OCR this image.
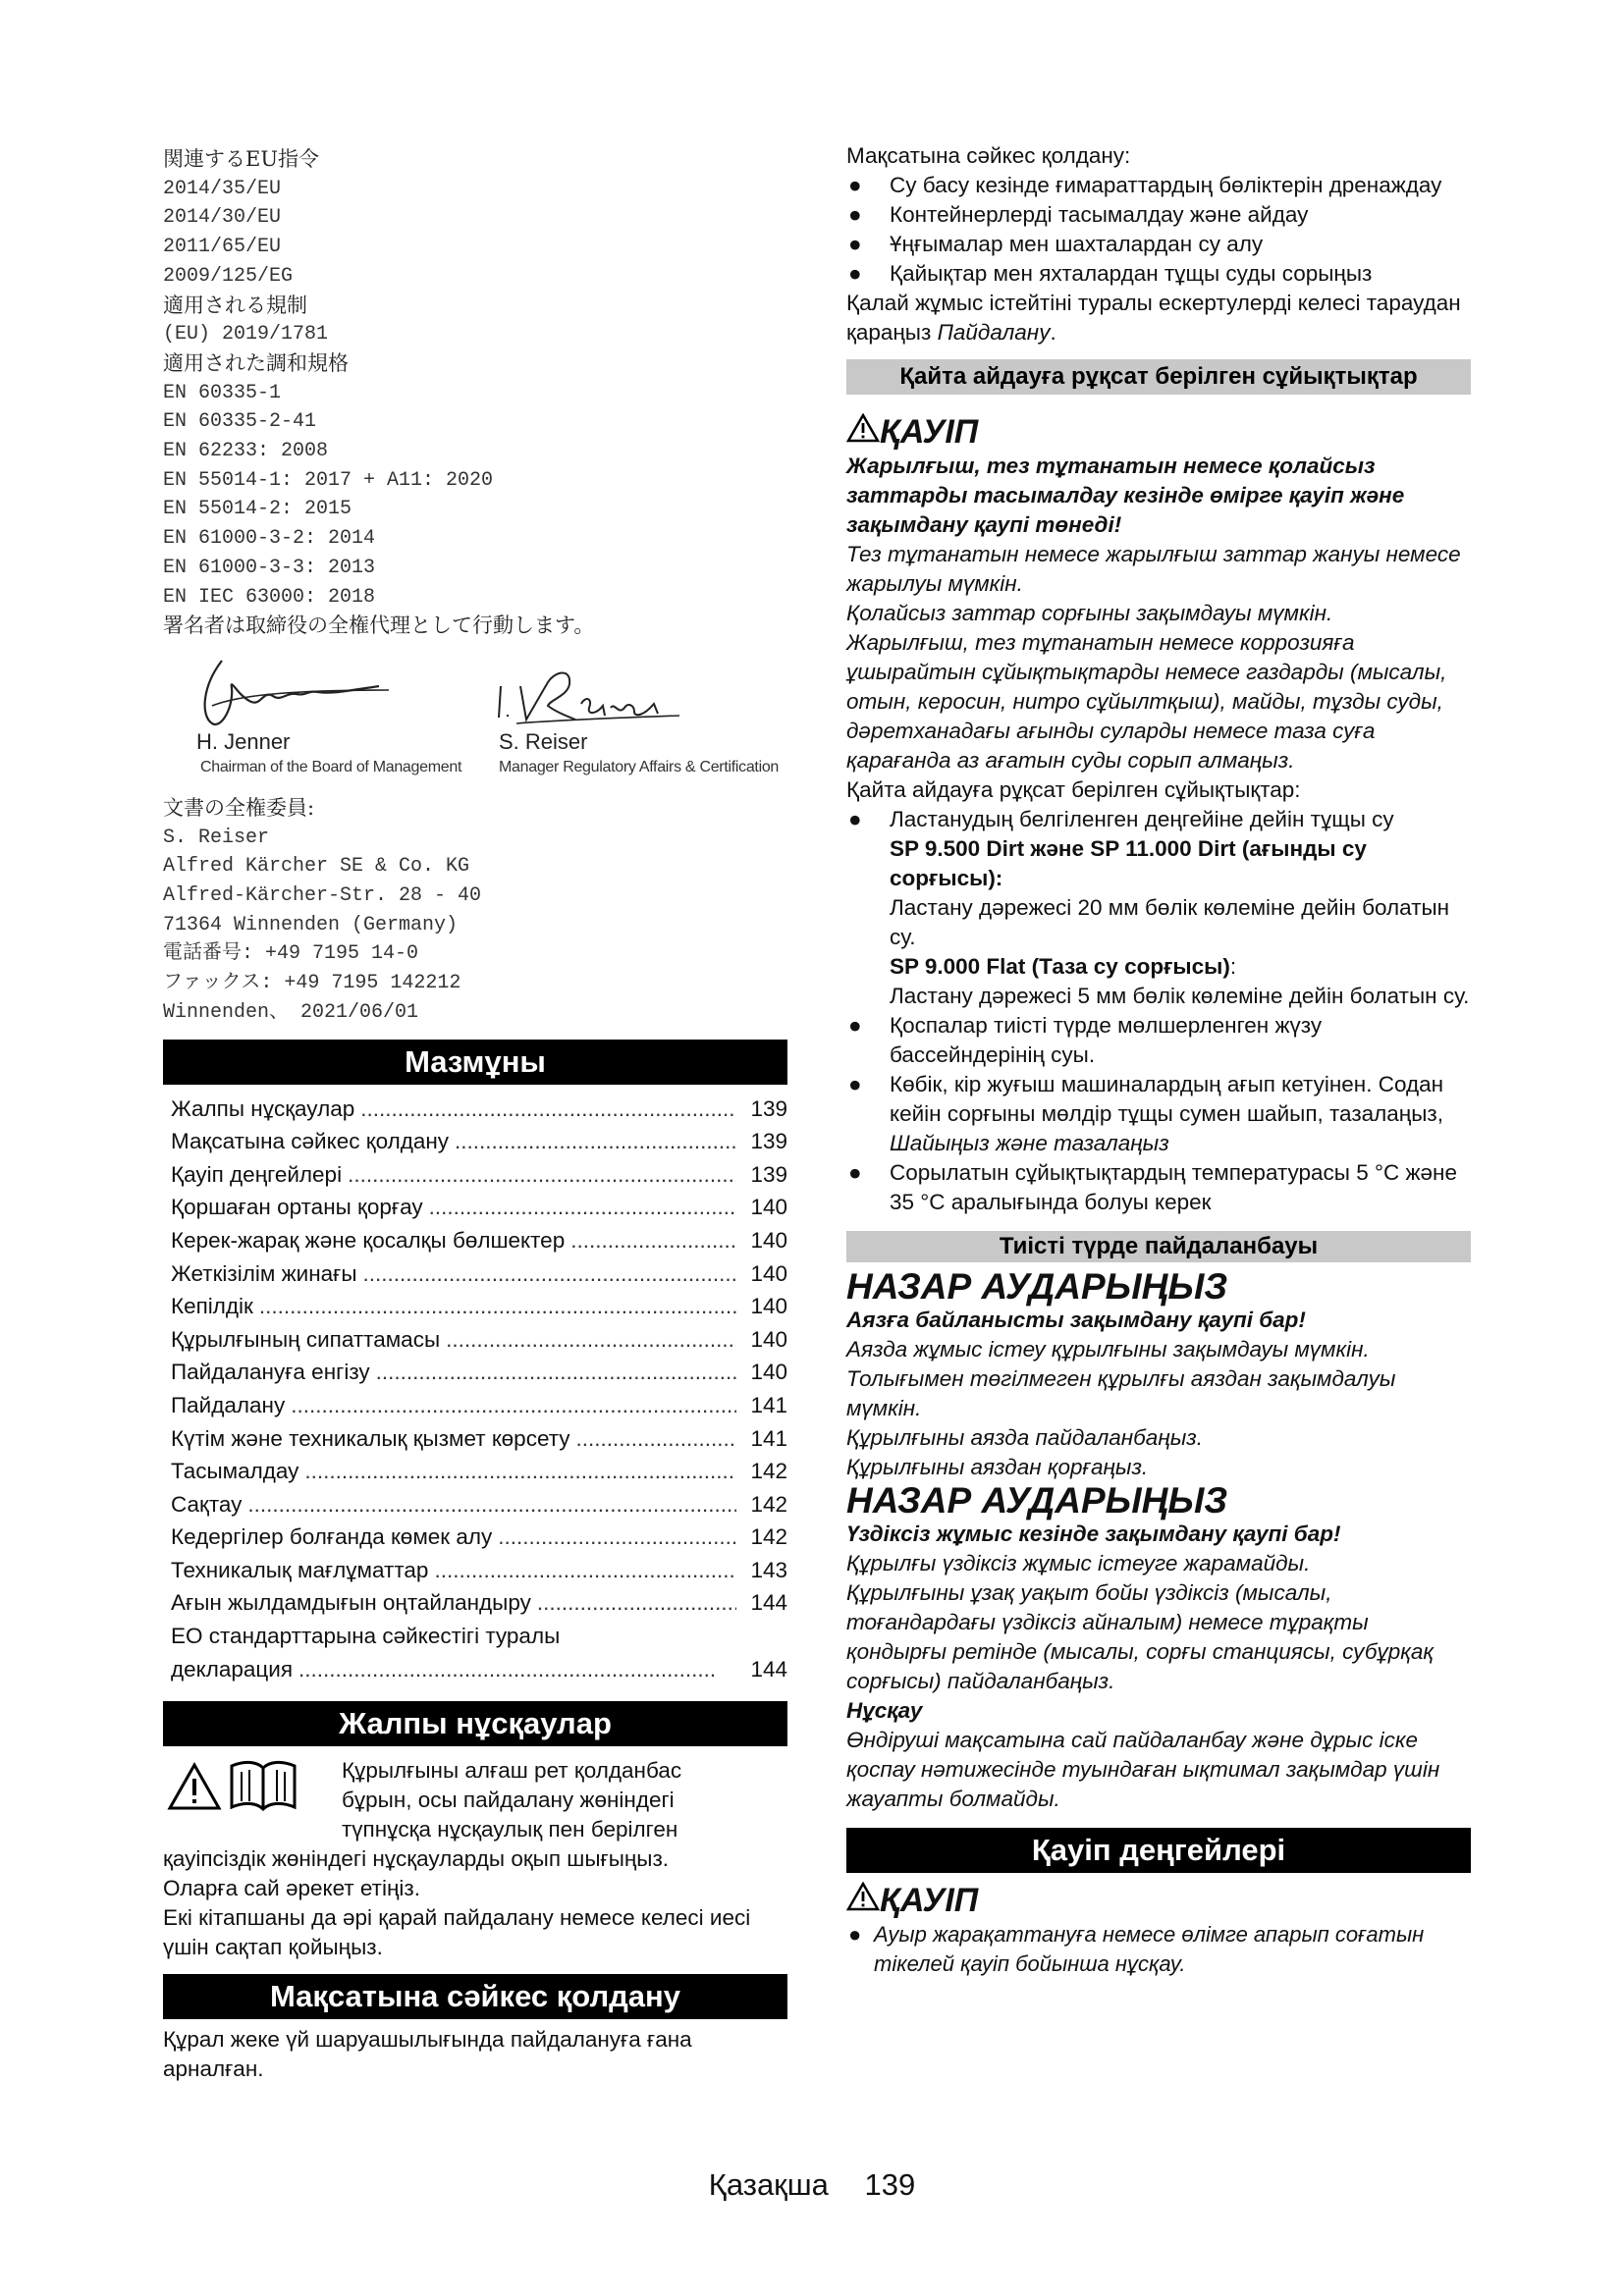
関連するEU指令
2014/35/EU
2014/30/EU
2011/65/EU
2009/125/EG
適用される規制
(EU) 2019/1781
適用された調和規格
EN 60335-1
EN 60335-2-41
EN 62233: 2008
EN 55014-1: 2017 + A11: 2020
EN 55014-2: 2015
EN 61000-3-2: 2014
EN 61000-3-3: 2013
EN IEC 63000: 2018
署名者は取締役の全権代理として行動します。
H. Jenner
Chairman of the Board of Management
S. Reiser
Manager Regulatory Affairs & Certification
文書の全権委員:
S. Reiser
Alfred Kärcher SE & Co. KG
Alfred-Kärcher-Str. 28 - 40
71364 Winnenden (Germany)
電話番号: +49 7195 14-0
ファックス: +49 7195 142212
Winnenden、 2021/06/01
Мазмұны
Жалпы нұсқаулар .....	139
Мақсатына сәйкес қолдану .....	139
Қауіп деңгейлері .....	139
Қоршаған ортаны қорғау .....	140
Керек-жарақ және қосалқы бөлшектер .....	140
Жеткізілім жинағы .....	140
Кепілдік .....	140
Құрылғының сипаттамасы .....	140
Пайдалануға енгізу .....	140
Пайдалану .....	141
Күтім және техникалық қызмет көрсету .....	141
Тасымалдау .....	142
Сақтау .....	142
Кедергілер болғанда көмек алу .....	142
Техникалық мағлұматтар .....	143
Ағын жылдамдығын оңтайландыру .....	144
ЕО стандарттарына сәйкестігі туралы
декларация .....	144
Жалпы нұсқаулар

Құрылғыны алғаш рет қолданбас

бұрын, осы пайдалану жөніндегі

түпнұсқа нұсқаулық пен берілген

қауіпсіздік жөніндегі нұсқауларды оқып шығыңыз.

Оларға сай әрекет етіңіз.

Екі кітапшаны да әрі қарай пайдалану немесе келесі иесі үшін сақтап қойыңыз.

Мақсатына сәйкес қолдану

Құрал жеке үй шаруашылығында пайдалануға ғана арналған.

Мақсатына сәйкес қолдану:

●	Су басу кезінде ғимараттардың бөліктерін дренаждау
●	Контейнерлерді тасымалдау және айдау
●	Ұңғымалар мен шахталардан су алу
●	Қайықтар мен яхталардан тұщы суды сорыңыз

Қалай жұмыс істейтіні туралы ескертулерді келесі тараудан қараңыз Пайдалану.

Қайта айдауға рұқсат берілген сұйықтықтар
ҚАУІП

Жарылғыш, тез тұтанатын немесе қолайсыз заттарды тасымалдау кезінде өмірге қауіп және зақымдану қаупі төнеді!

Тез тұтанатын немесе жарылғыш заттар жануы немесе жарылуы мүмкін.
Қолайсыз заттар сорғыны зақымдауы мүмкін.
Жарылғыш, тез тұтанатын немесе коррозияға ұшырайтын сұйықтықтарды немесе газдарды (мысалы, отын, керосин, нитро сұйылтқыш), майды, тұзды суды, дәретханадағы ағынды суларды немесе таза суға қарағанда аз ағатын суды сорып алмаңыз.

Қайта айдауға рұқсат берілген сұйықтықтар:

●	Ластанудың белгіленген деңгейіне дейін тұщы су
SP 9.500 Dirt және SP 11.000 Dirt (ағынды су сорғысы):
Ластану дәрежесі 20 мм бөлік көлеміне дейін болатын су.
SP 9.000 Flat (Таза су сорғысы):
Ластану дәрежесі 5 мм бөлік көлеміне дейін болатын су.
●	Қоспалар тиісті түрде мөлшерленген жүзу бассейндерінің суы.
●	Көбік, кір жуғыш машиналардың ағып кетуінен. Содан кейін сорғыны мөлдір тұщы сумен шайып, тазалаңыз, Шайыңыз және тазалаңыз
●	Сорылатын сұйықтықтардың температурасы 5 °C және 35 °C аралығында болуы керек
Тиісті түрде пайдаланбауы
НАЗАР АУДАРЫҢЫЗ

Аязға байланысты зақымдану қаупі бар!

Аязда жұмыс істеу құрылғыны зақымдауы мүмкін.
Толығымен төгілмеген құрылғы аяздан зақымдалуы мүмкін.
Құрылғыны аязда пайдаланбаңыз.
Құрылғыны аяздан қорғаңыз.

НАЗАР АУДАРЫҢЫЗ

Үздіксіз жұмыс кезінде зақымдану қаупі бар!

Құрылғы үздіксіз жұмыс істеуге жарамайды.
Құрылғыны ұзақ уақыт бойы үздіксіз (мысалы, тоғандардағы үздіксіз айналым) немесе тұрақты қондырғы ретінде (мысалы, сорғы станциясы, субұрқақ сорғысы) пайдаланбаңыз.

Нұсқау

Өндіруші мақсатына сай пайдаланбау және дұрыс іске қоспау нәтижесінде туындаған ықтимал зақымдар үшін жауапты болмайды.

Қауіп деңгейлері
ҚАУІП
● Ауыр жарақаттануға немесе өлімге апарып соғатын тікелей қауіп бойынша нұсқау.
Қазақша 139
